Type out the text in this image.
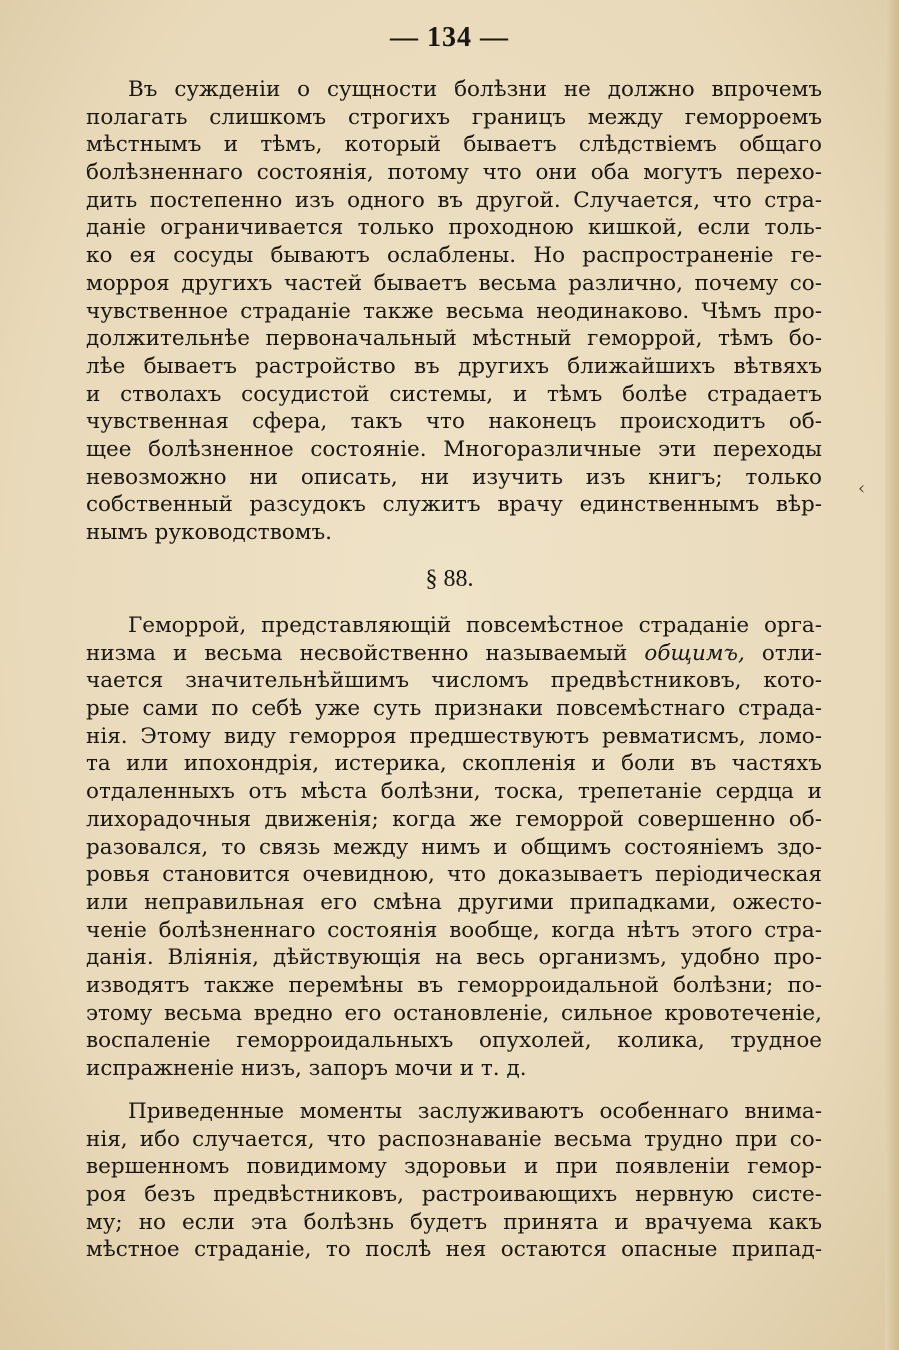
— 134 —
Въ сужденіи о сущности болѣзни не должно впрочемъ
полагать слишкомъ строгихъ границъ между геморроемъ
мѣстнымъ и тѣмъ, который бываетъ слѣдствіемъ общаго
болѣзненнаго состоянія, потому что они оба могутъ перехо-
дить постепенно изъ одного въ другой. Случается, что стра-
даніе ограничивается только проходною кишкой, если толь-
ко ея сосуды бываютъ ослаблены. Но распространеніе ге-
морроя другихъ частей бываетъ весьма различно, почему со-
чувственное страданіе также весьма неодинаково. Чѣмъ про-
должительнѣе первоначальный мѣстный геморрой, тѣмъ бо-
лѣе бываетъ растройство въ другихъ ближайшихъ вѣтвяхъ
и стволахъ сосудистой системы, и тѣмъ болѣе страдаетъ
чувственная сфера, такъ что наконецъ происходитъ об-
щее болѣзненное состояніе. Многоразличные эти переходы
невозможно ни описать, ни изучить изъ книгъ; только
собственный разсудокъ служитъ врачу единственнымъ вѣр-
нымъ руководствомъ.
‹
§ 88.
Геморрой, представляющій повсемѣстное страданіе орга-
низма и весьма несвойственно называемый общимъ, отли-
чается значительнѣйшимъ числомъ предвѣстниковъ, кото-
рые сами по себѣ уже суть признаки повсемѣстнаго страда-
нія. Этому виду геморроя предшествуютъ ревматисмъ, ломо-
та или ипохондрія, истерика, скопленія и боли въ частяхъ
отдаленныхъ отъ мѣста болѣзни, тоска, трепетаніе сердца и
лихорадочныя движенія; когда же геморрой совершенно об-
разовался, то связь между нимъ и общимъ состояніемъ здо-
ровья становится очевидною, что доказываетъ періодическая
или неправильная его смѣна другими припадками, ожесто-
ченіе болѣзненнаго состоянія вообще, когда нѣтъ этого стра-
данія. Вліянія, дѣйствующія на весь организмъ, удобно про-
изводятъ также перемѣны въ геморроидальной болѣзни; по-
этому весьма вредно его остановленіе, сильное кровотеченіе,
воспаленіе геморроидальныхъ опухолей, колика, трудное
испражненіе низъ, запоръ мочи и т. д.
Приведенные моменты заслуживаютъ особеннаго внима-
нія, ибо случается, что распознаваніе весьма трудно при со-
вершенномъ повидимому здоровьи и при появленіи гемор-
роя безъ предвѣстниковъ, растроивающихъ нервную систе-
му; но если эта болѣзнь будетъ принята и врачуема какъ
мѣстное страданіе, то послѣ нея остаются опасные припад-
